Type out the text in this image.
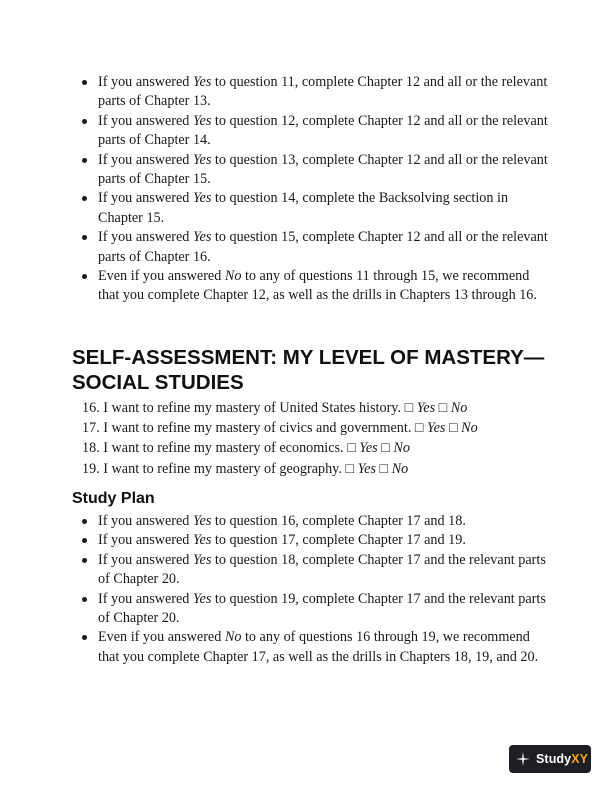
If you answered Yes to question 11, complete Chapter 12 and all or the relevant parts of Chapter 13.
If you answered Yes to question 12, complete Chapter 12 and all or the relevant parts of Chapter 14.
If you answered Yes to question 13, complete Chapter 12 and all or the relevant parts of Chapter 15.
If you answered Yes to question 14, complete the Backsolving section in Chapter 15.
If you answered Yes to question 15, complete Chapter 12 and all or the relevant parts of Chapter 16.
Even if you answered No to any of questions 11 through 15, we recommend that you complete Chapter 12, as well as the drills in Chapters 13 through 16.
SELF-ASSESSMENT: MY LEVEL OF MASTERY—SOCIAL STUDIES
16. I want to refine my mastery of United States history. □ Yes □ No
17. I want to refine my mastery of civics and government. □ Yes □ No
18. I want to refine my mastery of economics. □ Yes □ No
19. I want to refine my mastery of geography. □ Yes □ No
Study Plan
If you answered Yes to question 16, complete Chapter 17 and 18.
If you answered Yes to question 17, complete Chapter 17 and 19.
If you answered Yes to question 18, complete Chapter 17 and the relevant parts of Chapter 20.
If you answered Yes to question 19, complete Chapter 17 and the relevant parts of Chapter 20.
Even if you answered No to any of questions 16 through 19, we recommend that you complete Chapter 17, as well as the drills in Chapters 18, 19, and 20.
StudyXY
